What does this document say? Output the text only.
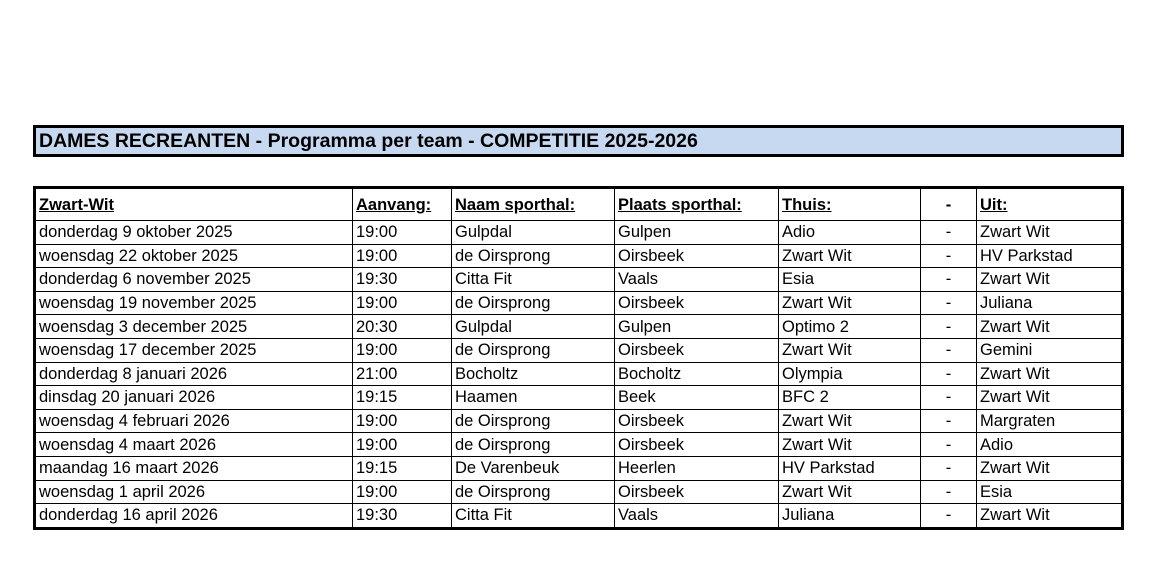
DAMES RECREANTEN - Programma per team - COMPETITIE 2025-2026
Zwart-Wit	Aanvang:	Naam sporthal:	Plaats sporthal:	Thuis:	-	Uit:
donderdag 9 oktober 2025	19:00	Gulpdal	Gulpen	Adio	-	Zwart Wit
woensdag 22 oktober 2025	19:00	de Oirsprong	Oirsbeek	Zwart Wit	-	HV Parkstad
donderdag 6 november 2025	19:30	Citta Fit	Vaals	Esia	-	Zwart Wit
woensdag 19 november 2025	19:00	de Oirsprong	Oirsbeek	Zwart Wit	-	Juliana
woensdag 3 december 2025	20:30	Gulpdal	Gulpen	Optimo 2	-	Zwart Wit
woensdag 17 december 2025	19:00	de Oirsprong	Oirsbeek	Zwart Wit	-	Gemini
donderdag 8 januari 2026	21:00	Bocholtz	Bocholtz	Olympia	-	Zwart Wit
dinsdag 20 januari 2026	19:15	Haamen	Beek	BFC 2	-	Zwart Wit
woensdag 4 februari 2026	19:00	de Oirsprong	Oirsbeek	Zwart Wit	-	Margraten
woensdag 4 maart 2026	19:00	de Oirsprong	Oirsbeek	Zwart Wit	-	Adio
maandag 16 maart 2026	19:15	De Varenbeuk	Heerlen	HV Parkstad	-	Zwart Wit
woensdag 1 april 2026	19:00	de Oirsprong	Oirsbeek	Zwart Wit	-	Esia
donderdag 16 april 2026	19:30	Citta Fit	Vaals	Juliana	-	Zwart Wit
